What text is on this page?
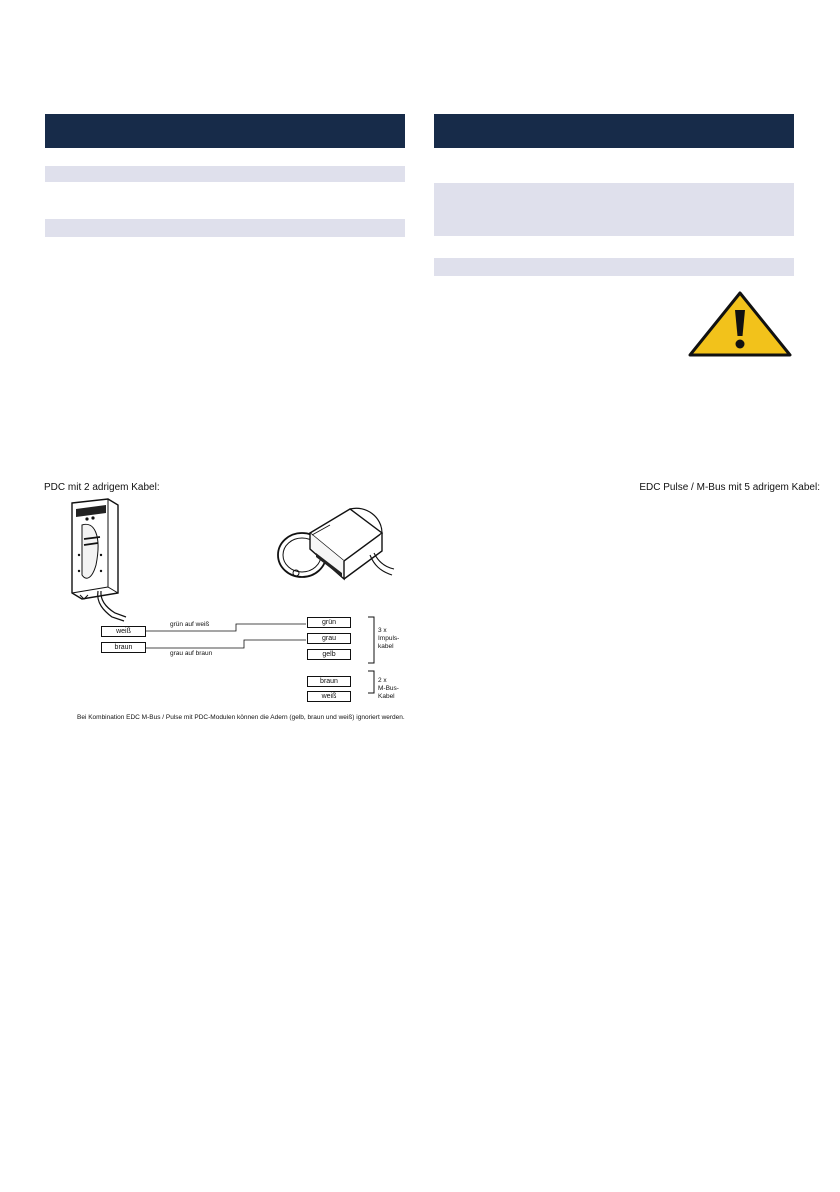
PDC mit 2 adrigem Kabel:	EDC Pulse / M-Bus mit 5 adrigem Kabel:
weiß
braun
grün auf weiß
grau auf braun
grün
grau
gelb
braun
weiß
3 x
Impuls-
kabel
2 x
M-Bus-
Kabel
Bei Kombination EDC M-Bus / Pulse mit PDC-Modulen können die Adern (gelb, braun und weiß) ignoriert werden.
